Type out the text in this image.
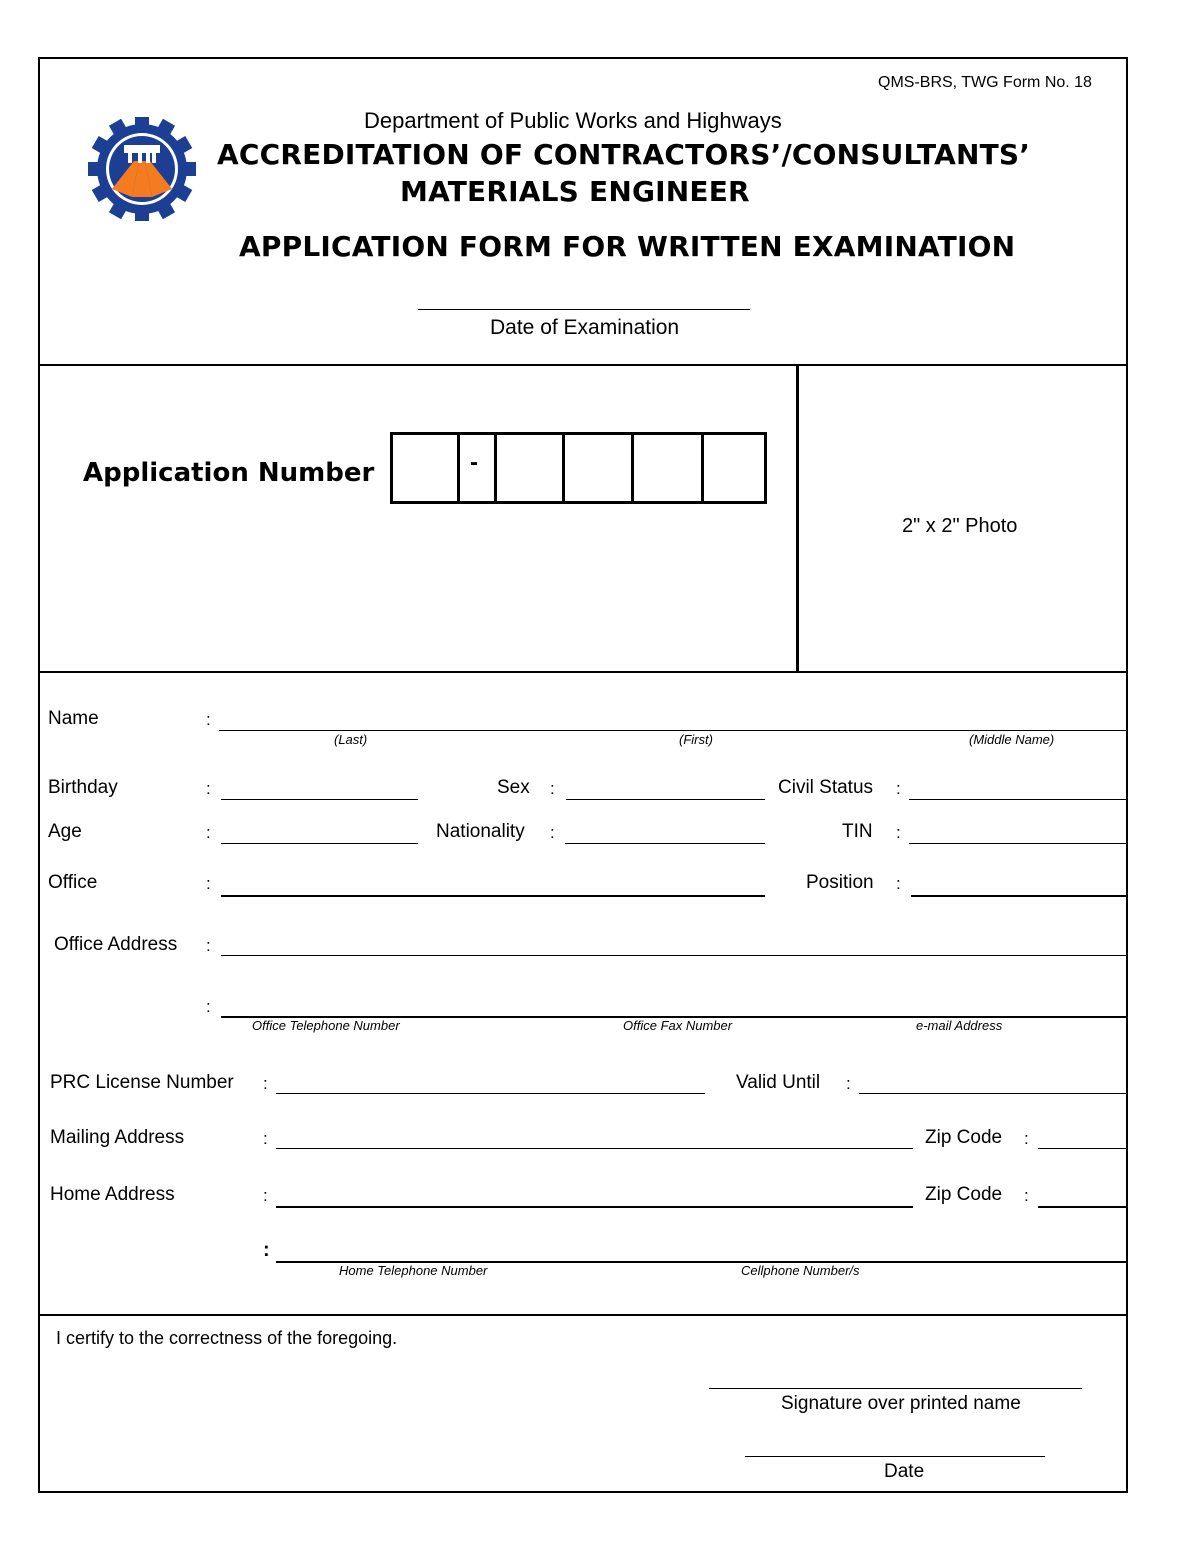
QMS-BRS, TWG Form No. 18
Department of Public Works and Highways
ACCREDITATION OF CONTRACTORS’/CONSULTANTS’
MATERIALS ENGINEER
APPLICATION FORM FOR WRITTEN EXAMINATION
Date of Examination
Application Number	-
2" x 2" Photo
Name	:
(Last)	(First)	(Middle Name)
Birthday	:	Sex :	Civil Status :
Age	:	Nationality :	TIN :
Office	:	Position :
Office Address :
:
Office Telephone Number	Office Fax Number	e-mail Address
PRC License Number :	Valid Until :
Mailing Address	:	Zip Code :
Home Address	:	Zip Code :
:
Home Telephone Number	Cellphone Number/s
I certify to the correctness of the foregoing.
Signature over printed name
Date
